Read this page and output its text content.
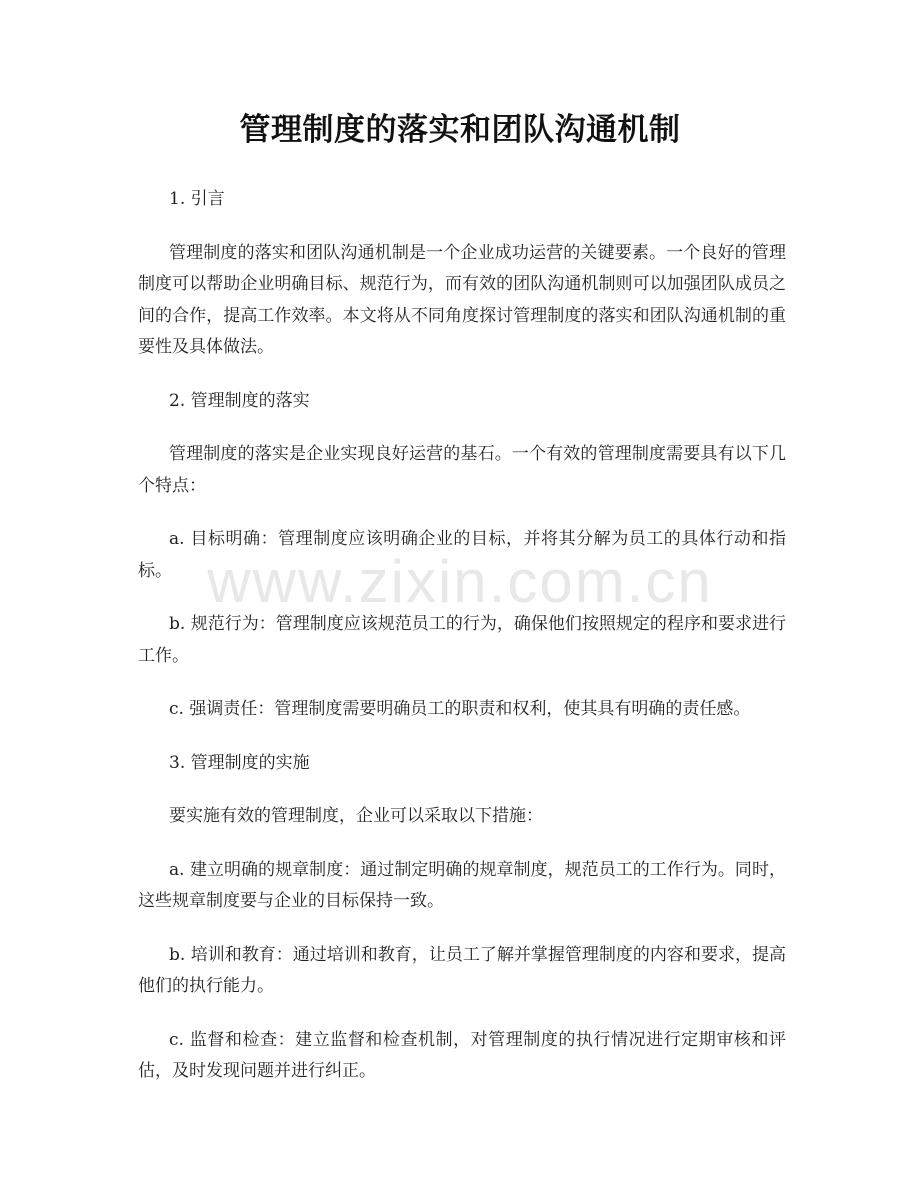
管理制度的落实和团队沟通机制

1. 引言

管理制度的落实和团队沟通机制是一个企业成功运营的关键要素。一个良好的管理制度可以帮助企业明确目标、规范行为，而有效的团队沟通机制则可以加强团队成员之间的合作，提高工作效率。本文将从不同角度探讨管理制度的落实和团队沟通机制的重要性及具体做法。

2. 管理制度的落实

管理制度的落实是企业实现良好运营的基石。一个有效的管理制度需要具有以下几个特点：

a. 目标明确：管理制度应该明确企业的目标，并将其分解为员工的具体行动和指标。

b. 规范行为：管理制度应该规范员工的行为，确保他们按照规定的程序和要求进行工作。

c. 强调责任：管理制度需要明确员工的职责和权利，使其具有明确的责任感。

3. 管理制度的实施

要实施有效的管理制度，企业可以采取以下措施：

a. 建立明确的规章制度：通过制定明确的规章制度，规范员工的工作行为。同时，这些规章制度要与企业的目标保持一致。

b. 培训和教育：通过培训和教育，让员工了解并掌握管理制度的内容和要求，提高他们的执行能力。

c. 监督和检查：建立监督和检查机制，对管理制度的执行情况进行定期审核和评估，及时发现问题并进行纠正。

www.zixin.com.cn
